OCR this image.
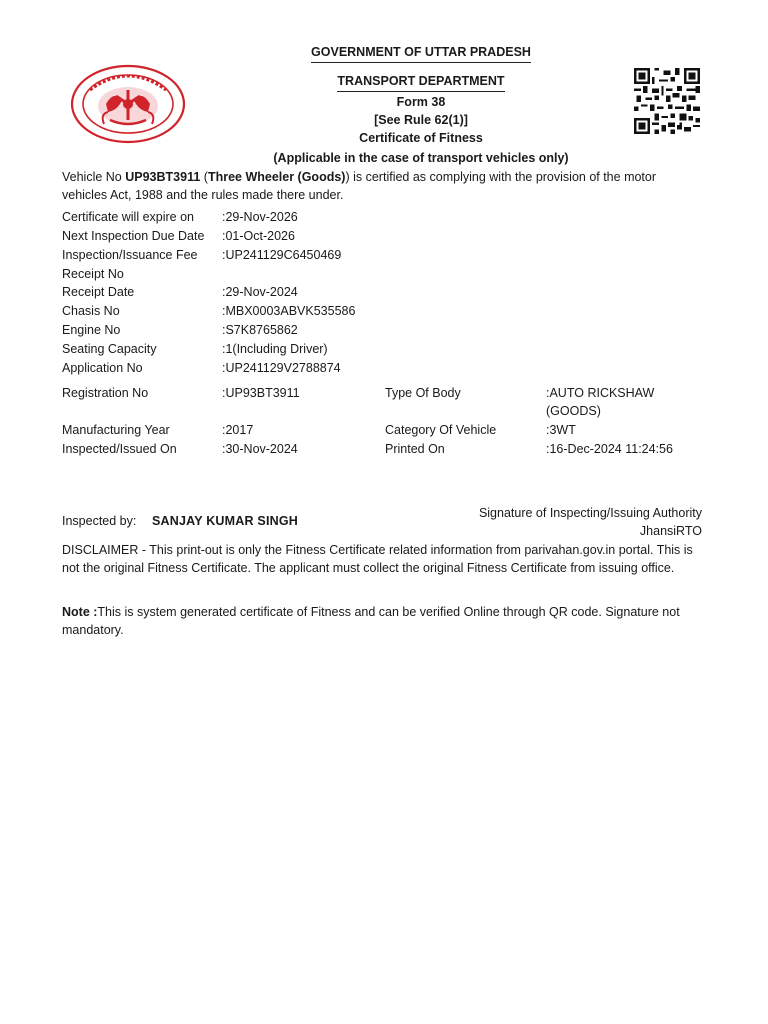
GOVERNMENT OF UTTAR PRADESH
TRANSPORT DEPARTMENT
Form 38
[See Rule 62(1)]
Certificate of Fitness
(Applicable in the case of transport vehicles only)
Vehicle No UP93BT3911 (Three Wheeler (Goods)) is certified as complying with the provision of the motor vehicles Act, 1988 and the rules made there under.
Certificate will expire on :29-Nov-2026
Next Inspection Due Date :01-Oct-2026
Inspection/Issuance Fee :UP241129C6450469
Receipt No
Receipt Date	:29-Nov-2024
Chasis No	:MBX0003ABVK535586
Engine No	:S7K8765862
Seating Capacity	:1(Including Driver)
Application No	:UP241129V2788874
Registration No	:UP93BT3911	Type Of Body	:AUTO RICKSHAW (GOODS)
Manufacturing Year	:2017	Category Of Vehicle	:3WT
Inspected/Issued On	:30-Nov-2024	Printed On	:16-Dec-2024 11:24:56
Inspected by: SANJAY KUMAR SINGH
Signature of Inspecting/Issuing Authority
JhansiRTO
DISCLAIMER - This print-out is only the Fitness Certificate related information from parivahan.gov.in portal. This is not the original Fitness Certificate. The applicant must collect the original Fitness Certificate from issuing office.
Note :This is system generated certificate of Fitness and can be verified Online through QR code. Signature not mandatory.
